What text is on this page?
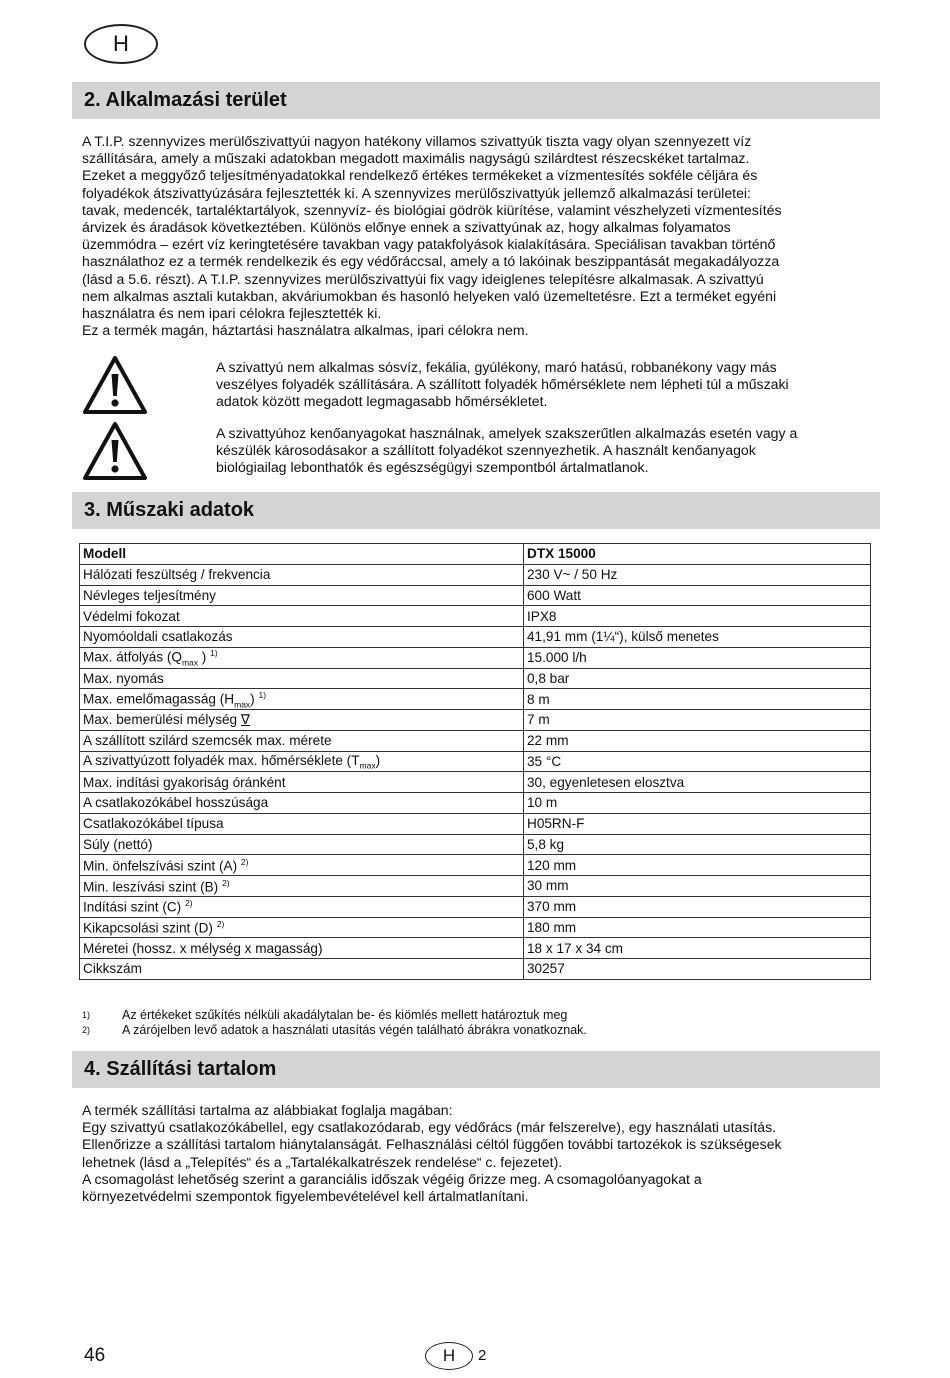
H
2. Alkalmazási terület

A T.I.P. szennyvizes merülőszivattyúi nagyon hatékony villamos szivattyúk tiszta vagy olyan szennyezett víz

szállítására, amely a műszaki adatokban megadott maximális nagyságú szilárdtest részecskéket tartalmaz.

Ezeket a meggyőző teljesítményadatokkal rendelkező értékes termékeket a vízmentesítés sokféle céljára és

folyadékok átszivattyúzására fejlesztették ki. A szennyvizes merülőszivattyúk jellemző alkalmazási területei:

tavak, medencék, tartaléktartályok, szennyvíz- és biológiai gödrök kiürítése, valamint vészhelyzeti vízmentesítés

árvizek és áradások következtében. Különös előnye ennek a szivattyúnak az, hogy alkalmas folyamatos

üzemmódra – ezért víz keringtetésére tavakban vagy patakfolyások kialakítására. Speciálisan tavakban történő

használathoz ez a termék rendelkezik és egy védőráccsal, amely a tó lakóinak beszippantását megakadályozza

(lásd a 5.6. részt). A T.I.P. szennyvizes merülőszivattyúi fix vagy ideiglenes telepítésre alkalmasak. A szivattyú

nem alkalmas asztali kutakban, akváriumokban és hasonló helyeken való üzemeltetésre. Ezt a terméket egyéni

használatra és nem ipari célokra fejlesztették ki.

Ez a termék magán, háztartási használatra alkalmas, ipari célokra nem.

A szivattyú nem alkalmas sósvíz, fekália, gyúlékony, maró hatású, robbanékony vagy más
veszélyes folyadék szállítására. A szállított folyadék hőmérséklete nem lépheti túl a műszaki
adatok között megadott legmagasabb hőmérsékletet.
A szivattyúhoz kenőanyagokat használnak, amelyek szakszerűtlen alkalmazás esetén vagy a
készülék károsodásakor a szállított folyadékot szennyezhetik. A használt kenőanyagok
biológiailag lebonthatók és egészségügyi szempontból ártalmatlanok.
3. Műszaki adatok
Modell	DTX 15000
Hálózati feszültség / frekvencia	230 V~ / 50 Hz
Névleges teljesítmény	600 Watt
Védelmi fokozat	IPX8
Nyomóoldali csatlakozás	41,91 mm (1¼“), külső menetes
Max. átfolyás ($Q_{max}$ ) $^{1)}$	15.000 l/h
Max. nyomás	0,8 bar
Max. emelőmagasság $(H_{max})$ $^{1)}$	8 m
Max. bemerülési mélység ∇	7 m
A szállított szilárd szemcsék max. mérete	22 mm
A szivattyúzott folyadék max. hőmérséklete $(T_{max})$	35 °C
Max. indítási gyakoriság óránként	30, egyenletesen elosztva
A csatlakozókábel hosszúsága	10 m
Csatlakozókábel típusa	H05RN-F
Súly (nettó)	5,8 kg
Min. önfelszívási szint (A) $^{2)}$	120 mm
Min. leszívási szint (B) $^{2)}$	30 mm
Indítási szint (C) $^{2)}$	370 mm
Kikapcsolási szint (D) $^{2)}$	180 mm
Méretei (hossz. x mélység x magasság)	18 x 17 x 34 cm
Cikkszám	30257
1)	Az értékeket szűkítés nélküli akadálytalan be- és kiömlés mellett határoztuk meg
2)	A zárójelben levő adatok a használati utasítás végén található ábrákra vonatkoznak.
4. Szállítási tartalom

A termék szállítási tartalma az alábbiakat foglalja magában:

Egy szivattyú csatlakozókábellel, egy csatlakozódarab, egy védőrács (már felszerelve), egy használati utasítás.

Ellenőrizze a szállítási tartalom hiánytalanságát. Felhasználási céltól függően további tartozékok is szükségesek

lehetnek (lásd a „Telepítés“ és a „Tartalékalkatrészek rendelése“ c. fejezetet).

A csomagolást lehetőség szerint a garanciális időszak végéig őrizze meg. A csomagolóanyagokat a

környezetvédelmi szempontok figyelembevételével kell ártalmatlanítani.

46	H 2
